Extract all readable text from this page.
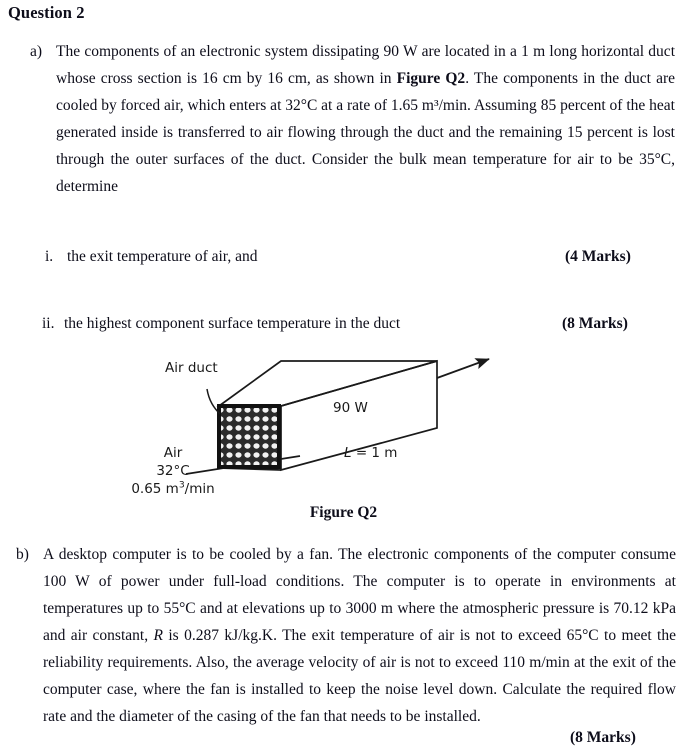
Question 2
a) The components of an electronic system dissipating 90 W are located in a 1 m long horizontal duct whose cross section is 16 cm by 16 cm, as shown in Figure Q2. The components in the duct are cooled by forced air, which enters at 32°C at a rate of 1.65 m³/min. Assuming 85 percent of the heat generated inside is transferred to air flowing through the duct and the remaining 15 percent is lost through the outer surfaces of the duct. Consider the bulk mean temperature for air to be 35°C, determine
i. the exit temperature of air, and	(4 Marks)
ii. the highest component surface temperature in the duct	(8 Marks)
Air duct
90 W
L = 1 m
Air
32°C
0.65 $m^3/\min$
Figure Q2
b) A desktop computer is to be cooled by a fan. The electronic components of the computer consume 100 W of power under full-load conditions. The computer is to operate in environments at temperatures up to 55°C and at elevations up to 3000 m where the atmospheric pressure is 70.12 kPa and air constant, R is 0.287 kJ/kg.K. The exit temperature of air is not to exceed 65°C to meet the reliability requirements. Also, the average velocity of air is not to exceed 110 m/min at the exit of the computer case, where the fan is installed to keep the noise level down. Calculate the required flow rate and the diameter of the casing of the fan that needs to be installed.
(8 Marks)
